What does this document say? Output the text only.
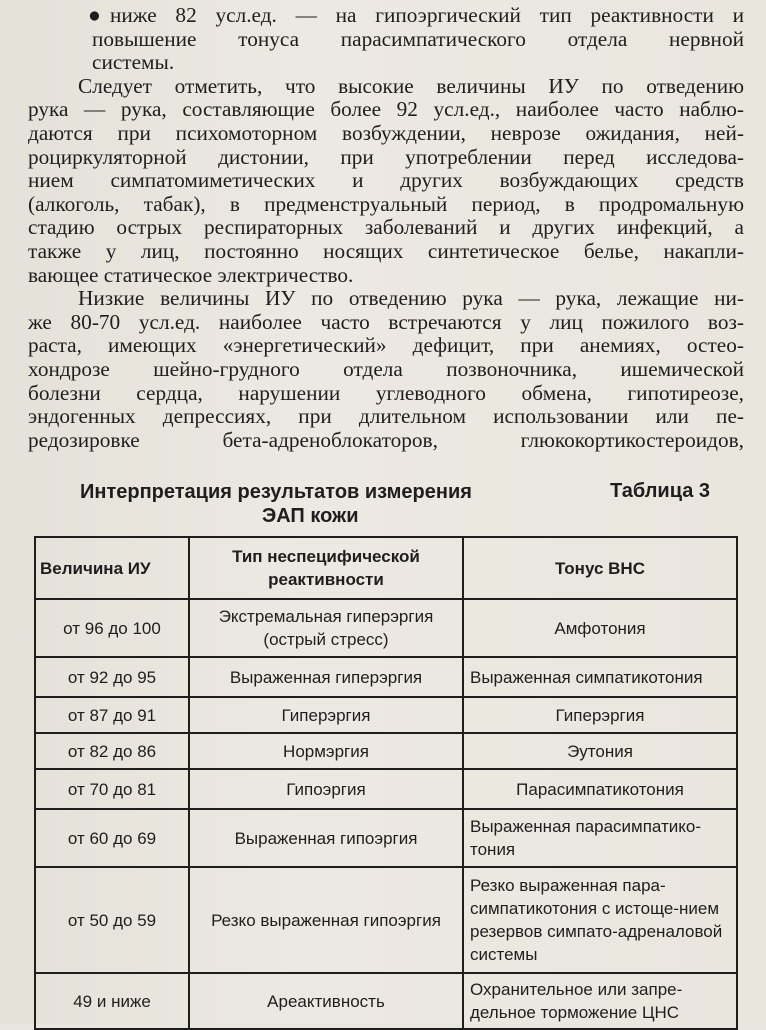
● ниже 82 усл.ед. — на гипоэргический тип реактивности и
повышение тонуса парасимпатического отдела нервной
системы.
Следует отметить, что высокие величины ИУ по отведению
рука — рука, составляющие более 92 усл.ед., наиболее часто наблю-
даются при психомоторном возбуждении, неврозе ожидания, ней-
роциркуляторной дистонии, при употреблении перед исследова-
нием симпатомиметических и других возбуждающих средств
(алкоголь, табак), в предменструальный период, в продромальную
стадию острых респираторных заболеваний и других инфекций, а
также у лиц, постоянно носящих синтетическое белье, накапли-
вающее статическое электричество.
Низкие величины ИУ по отведению рука — рука, лежащие ни-
же 80-70 усл.ед. наиболее часто встречаются у лиц пожилого воз-
раста, имеющих «энергетический» дефицит, при анемиях, остео-
хондрозе шейно-грудного отдела позвоночника, ишемической
болезни сердца, нарушении углеводного обмена, гипотиреозе,
эндогенных депрессиях, при длительном использовании или пе-
редозировке бета-адреноблокаторов, глюкокортикостероидов,
Интерпретация результатов измерения
ЭАП кожи
Таблица 3
Величина ИУ	Тип неспецифической реактивности	Тонус ВНС
от 96 до 100	Экстремальная гиперэргия (острый стресс)	Амфотония
от 92 до 95	Выраженная гиперэргия	Выраженная симпатикотония
от 87 до 91	Гиперэргия	Гиперэргия
от 82 до 86	Нормэргия	Эутония
от 70 до 81	Гипоэргия	Парасимпатикотония
от 60 до 69	Выраженная гипоэргия	Выраженная парасимпатико-тония
от 50 до 59	Резко выраженная гипоэргия	Резко выраженная пара-симпатикотония с истоще-нием резервов симпато-адреналовой системы
49 и ниже	Ареактивность	Охранительное или запре-дельное торможение ЦНС
